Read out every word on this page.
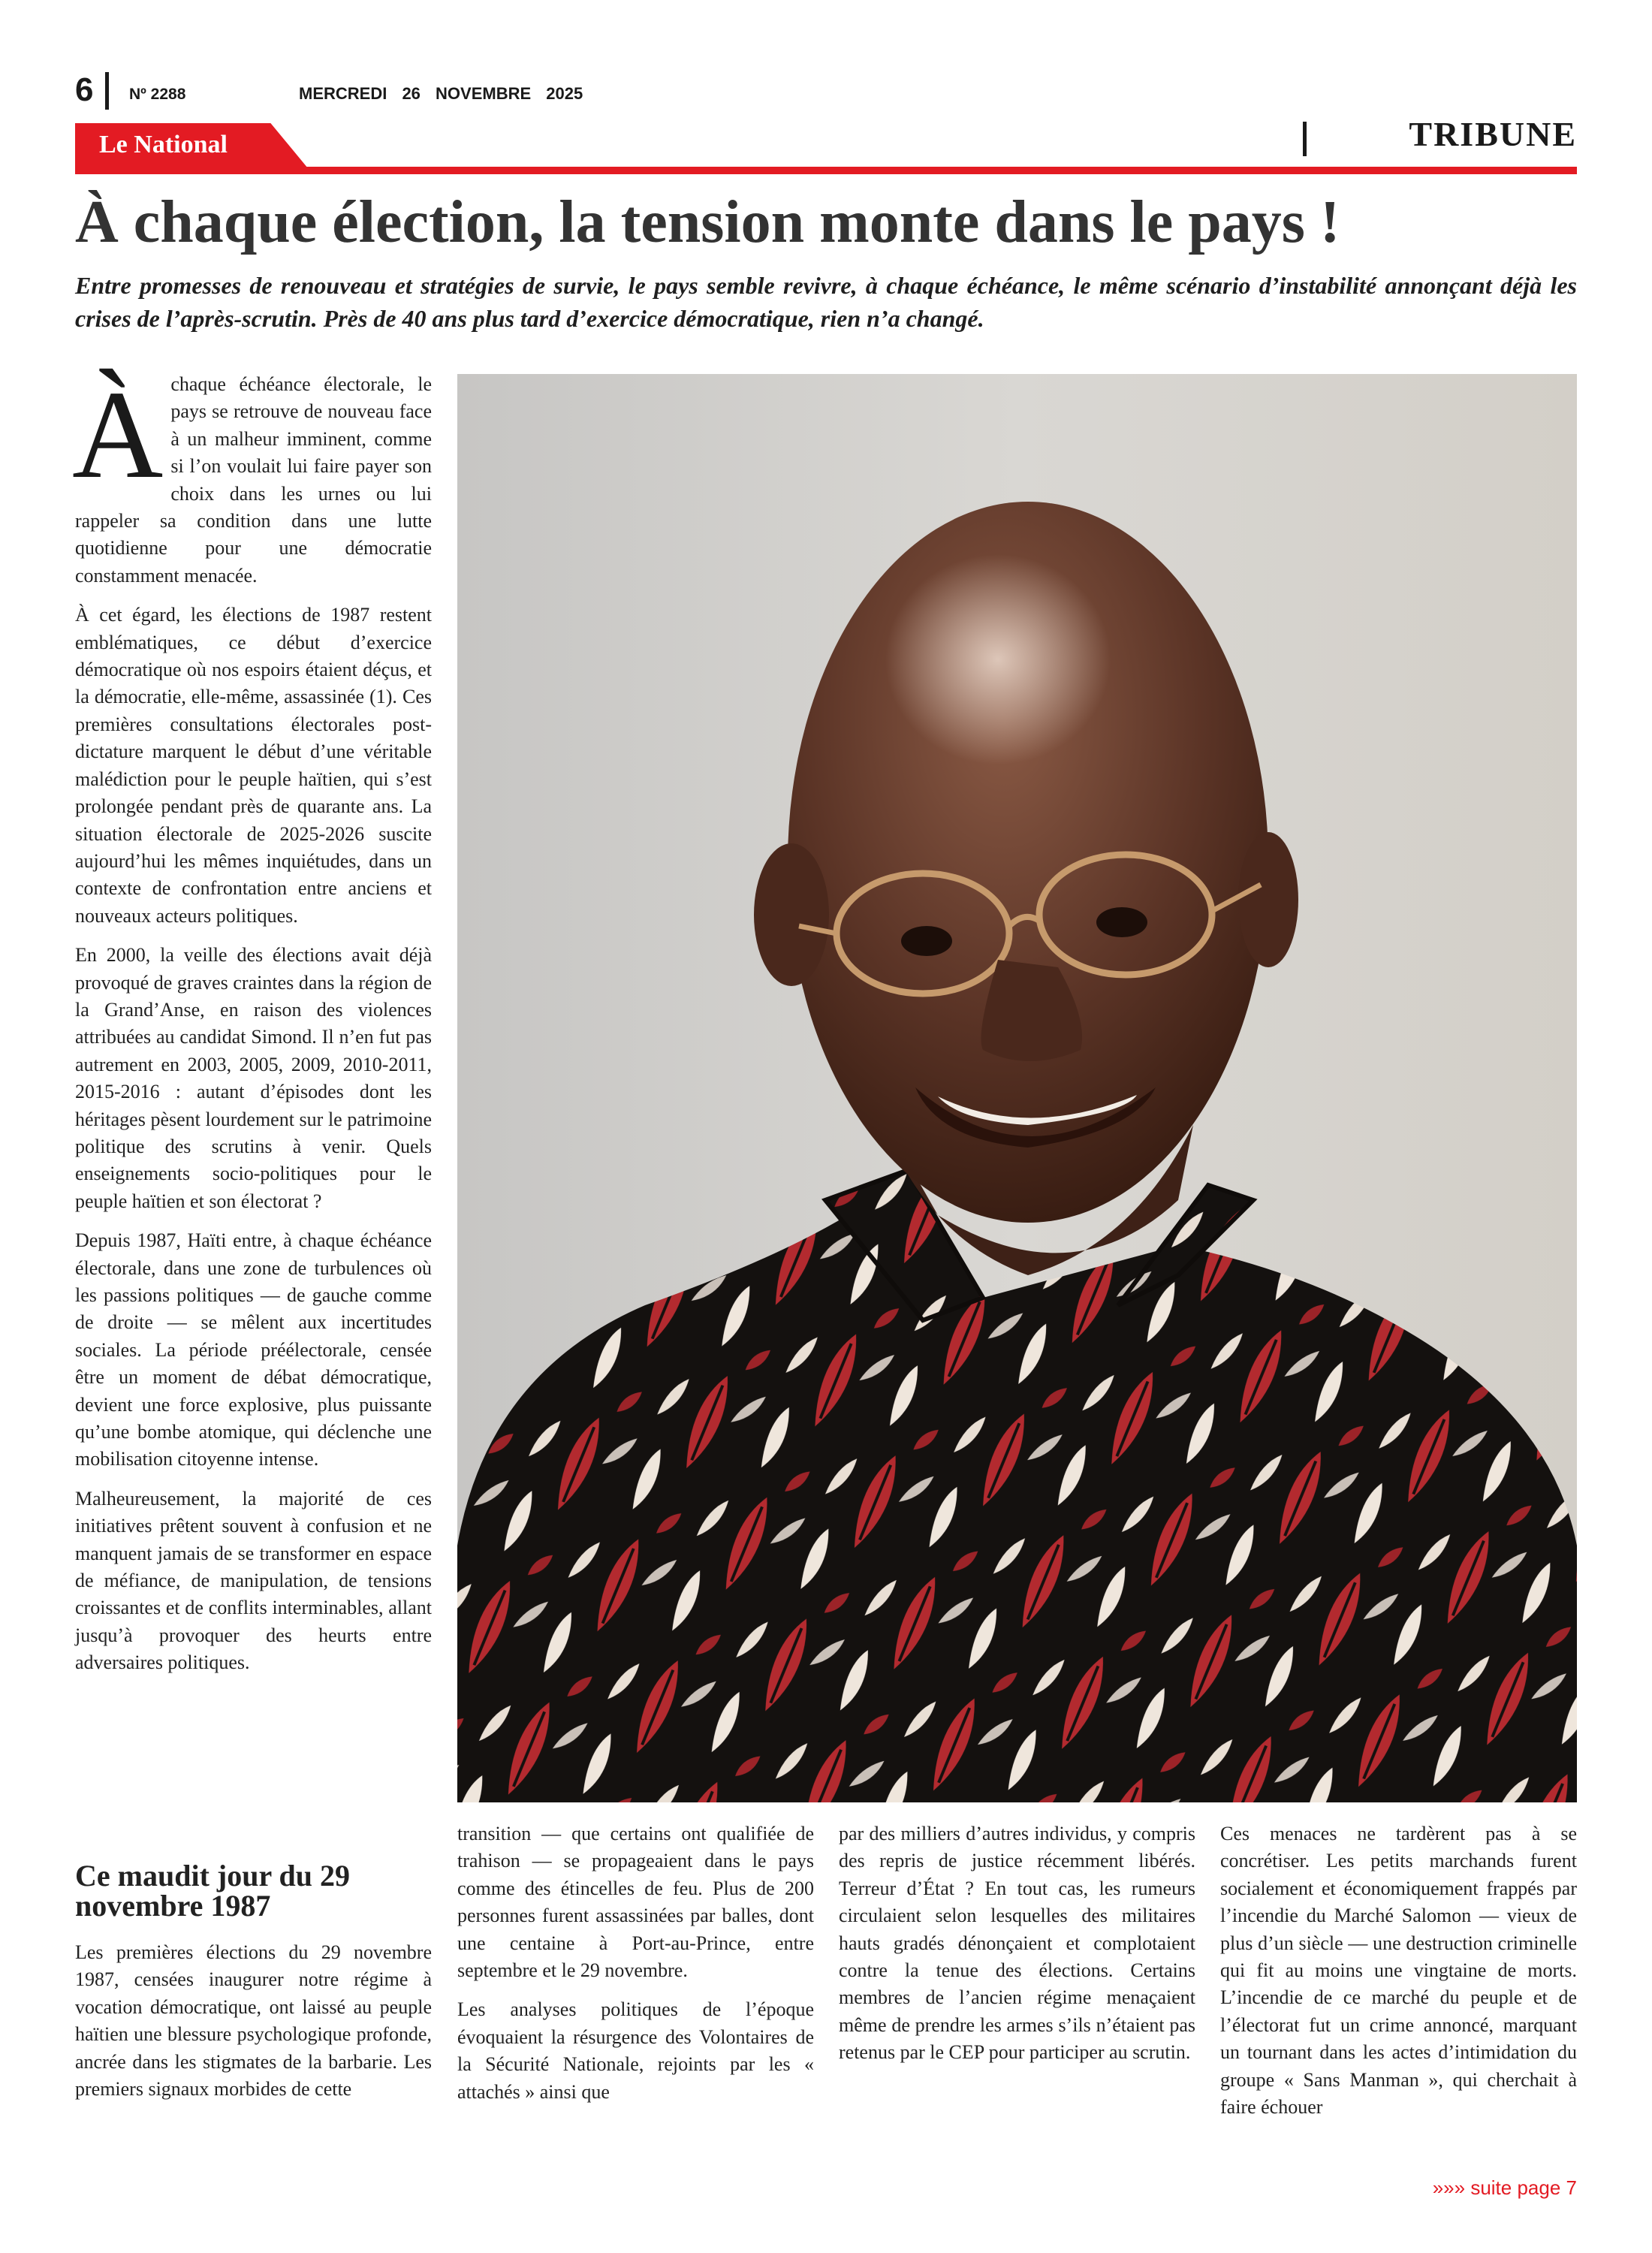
6 Nº 2288	MERCREDI 26 NOVEMBRE 2025
Le National	TRIBUNE
À chaque élection, la tension monte dans le pays !
Entre promesses de renouveau et stratégies de survie, le pays semble revivre, à chaque échéance, le même scénario d’instabilité annonçant déjà les crises de l’après-scrutin. Près de 40 ans plus tard d’exercice démocratique, rien n’a changé.

À chaque échéance électorale, le pays se retrouve de nouveau face à un malheur imminent, comme si l’on voulait lui faire payer son choix dans les urnes ou lui rappeler sa condition dans une lutte quotidienne pour une démocratie constamment menacée.

À cet égard, les élections de 1987 restent emblématiques, ce début d’exercice démocratique où nos espoirs étaient déçus, et la démocratie, elle-même, assassinée (1). Ces premières consultations électorales post-dictature marquent le début d’une véritable malédiction pour le peuple haïtien, qui s’est prolongée pendant près de quarante ans. La situation électorale de 2025-2026 suscite aujourd’hui les mêmes inquiétudes, dans un contexte de confrontation entre anciens et nouveaux acteurs politiques.

En 2000, la veille des élections avait déjà provoqué de graves craintes dans la région de la Grand’Anse, en raison des violences attribuées au candidat Simond. Il n’en fut pas autrement en 2003, 2005, 2009, 2010-2011, 2015-2016 : autant d’épisodes dont les héritages pèsent lourdement sur le patrimoine politique des scrutins à venir. Quels enseignements socio-politiques pour le peuple haïtien et son électorat ?

Depuis 1987, Haïti entre, à chaque échéance électorale, dans une zone de turbulences où les passions politiques — de gauche comme de droite — se mêlent aux incertitudes sociales. La période préélectorale, censée être un moment de débat démocratique, devient une force explosive, plus puissante qu’une bombe atomique, qui déclenche une mobilisation citoyenne intense.

Malheureusement, la majorité de ces initiatives prêtent souvent à confusion et ne manquent jamais de se transformer en espace de méfiance, de manipulation, de tensions croissantes et de conflits interminables, allant jusqu’à provoquer des heurts entre adversaires politiques.

Ce maudit jour du 29 novembre 1987

Les premières élections du 29 novembre 1987, censées inaugurer notre régime à vocation démocratique, ont laissé au peuple haïtien une blessure psychologique profonde, ancrée dans les stigmates de la barbarie. Les premiers signaux morbides de cette

transition — que certains ont qualifiée de trahison — se propageaient dans le pays comme des étincelles de feu. Plus de 200 personnes furent assassinées par balles, dont une centaine à Port-au-Prince, entre septembre et le 29 novembre.

Les analyses politiques de l’époque évoquaient la résurgence des Volontaires de la Sécurité Nationale, rejoints par les « attachés » ainsi que

par des milliers d’autres individus, y compris des repris de justice récemment libérés. Terreur d’État ? En tout cas, les rumeurs circulaient selon lesquelles des militaires hauts gradés dénonçaient et complotaient contre la tenue des élections. Certains membres de l’ancien régime menaçaient même de prendre les armes s’ils n’étaient pas retenus par le CEP pour participer au scrutin.

Ces menaces ne tardèrent pas à se concrétiser. Les petits marchands furent socialement et économiquement frappés par l’incendie du Marché Salomon — vieux de plus d’un siècle — une destruction criminelle qui fit au moins une vingtaine de morts. L’incendie de ce marché du peuple et de l’électorat fut un crime annoncé, marquant un tournant dans les actes d’intimidation du groupe « Sans Manman », qui cherchait à faire échouer

»»» suite page 7
